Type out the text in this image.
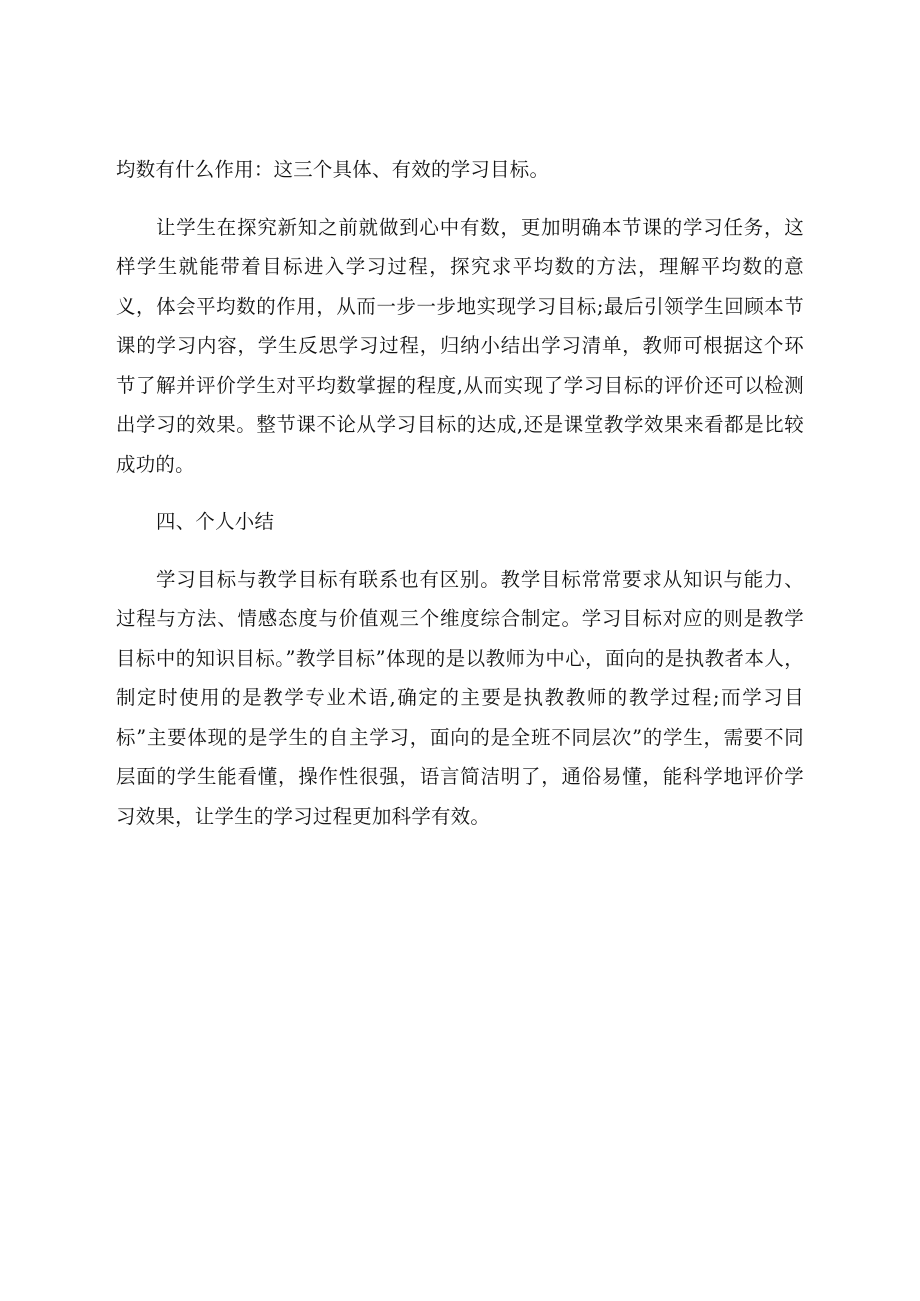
均数有什么作用：这三个具体、有效的学习目标。

让学生在探究新知之前就做到心中有数，更加明确本节课的学习任务，这样学生就能带着目标进入学习过程，探究求平均数的方法，理解平均数的意义，体会平均数的作用，从而一步一步地实现学习目标;最后引领学生回顾本节课的学习内容，学生反思学习过程，归纳小结出学习清单，教师可根据这个环节了解并评价学生对平均数掌握的程度,从而实现了学习目标的评价还可以检测出学习的效果。整节课不论从学习目标的达成,还是课堂教学效果来看都是比较成功的。

四、个人小结

学习目标与教学目标有联系也有区别。教学目标常常要求从知识与能力、过程与方法、情感态度与价值观三个维度综合制定。学习目标对应的则是教学目标中的知识目标。”教学目标”体现的是以教师为中心，面向的是执教者本人，制定时使用的是教学专业术语,确定的主要是执教教师的教学过程;而学习目标”主要体现的是学生的自主学习，面向的是全班不同层次”的学生，需要不同层面的学生能看懂，操作性很强，语言简洁明了，通俗易懂，能科学地评价学习效果，让学生的学习过程更加科学有效。
